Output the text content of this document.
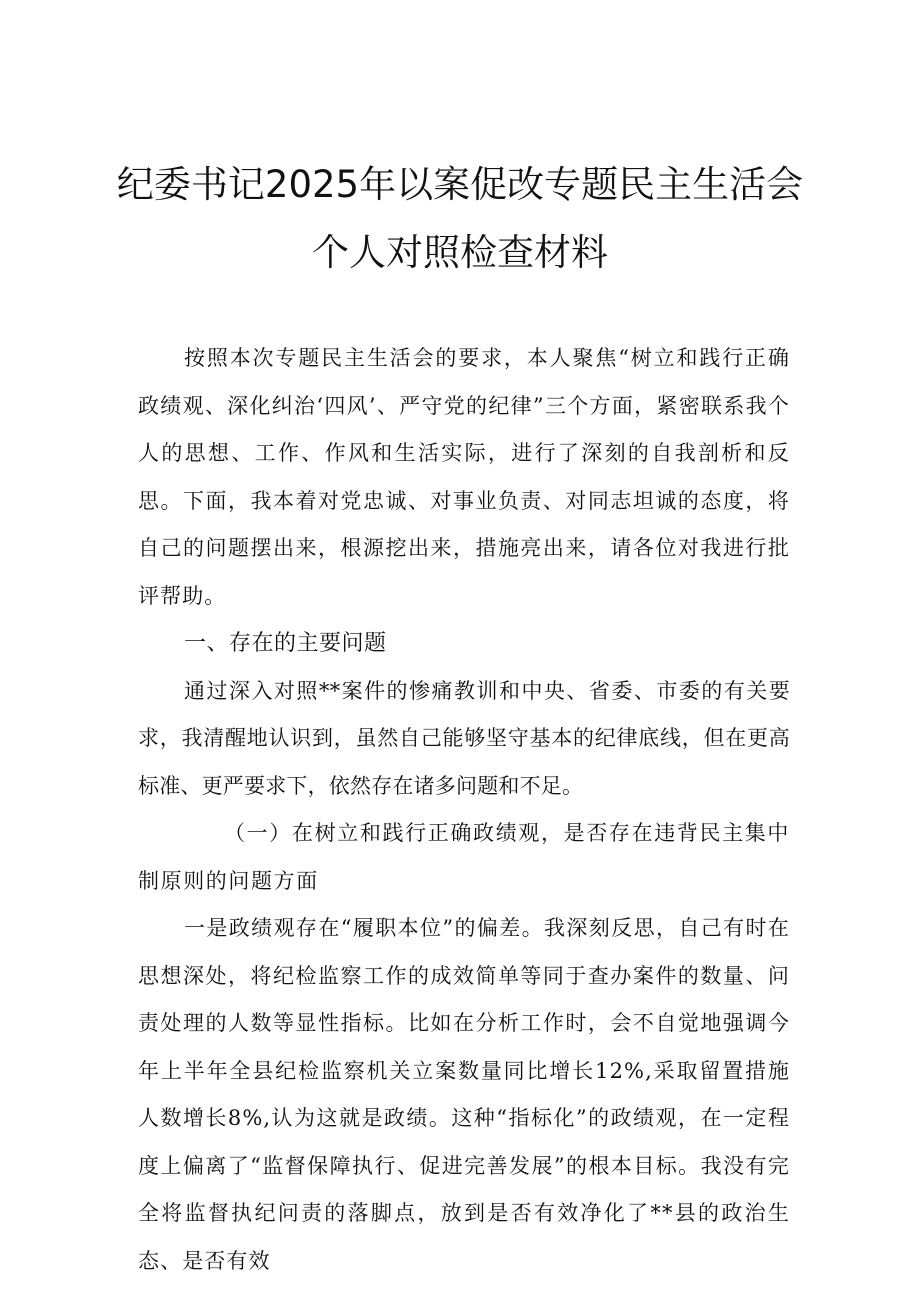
纪委书记2025年以案促改专题民主生活会
个人对照检查材料

按照本次专题民主生活会的要求，本人聚焦“树立和践行正确政绩观、深化纠治‘四风’、严守党的纪律”三个方面，紧密联系我个人的思想、工作、作风和生活实际，进行了深刻的自我剖析和反思。下面，我本着对党忠诚、对事业负责、对同志坦诚的态度，将自己的问题摆出来，根源挖出来，措施亮出来，请各位对我进行批评帮助。

一、存在的主要问题

通过深入对照**案件的惨痛教训和中央、省委、市委的有关要求，我清醒地认识到，虽然自己能够坚守基本的纪律底线，但在更高标准、更严要求下，依然存在诸多问题和不足。

（一）在树立和践行正确政绩观，是否存在违背民主集中制原则的问题方面

一是政绩观存在“履职本位”的偏差。我深刻反思，自己有时在思想深处，将纪检监察工作的成效简单等同于查办案件的数量、问责处理的人数等显性指标。比如在分析工作时，会不自觉地强调今年上半年全县纪检监察机关立案数量同比增长12%,采取留置措施人数增长8%,认为这就是政绩。这种“指标化”的政绩观，在一定程度上偏离了“监督保障执行、促进完善发展”的根本目标。我没有完全将监督执纪问责的落脚点，放到是否有效净化了**县的政治生态、是否有效
